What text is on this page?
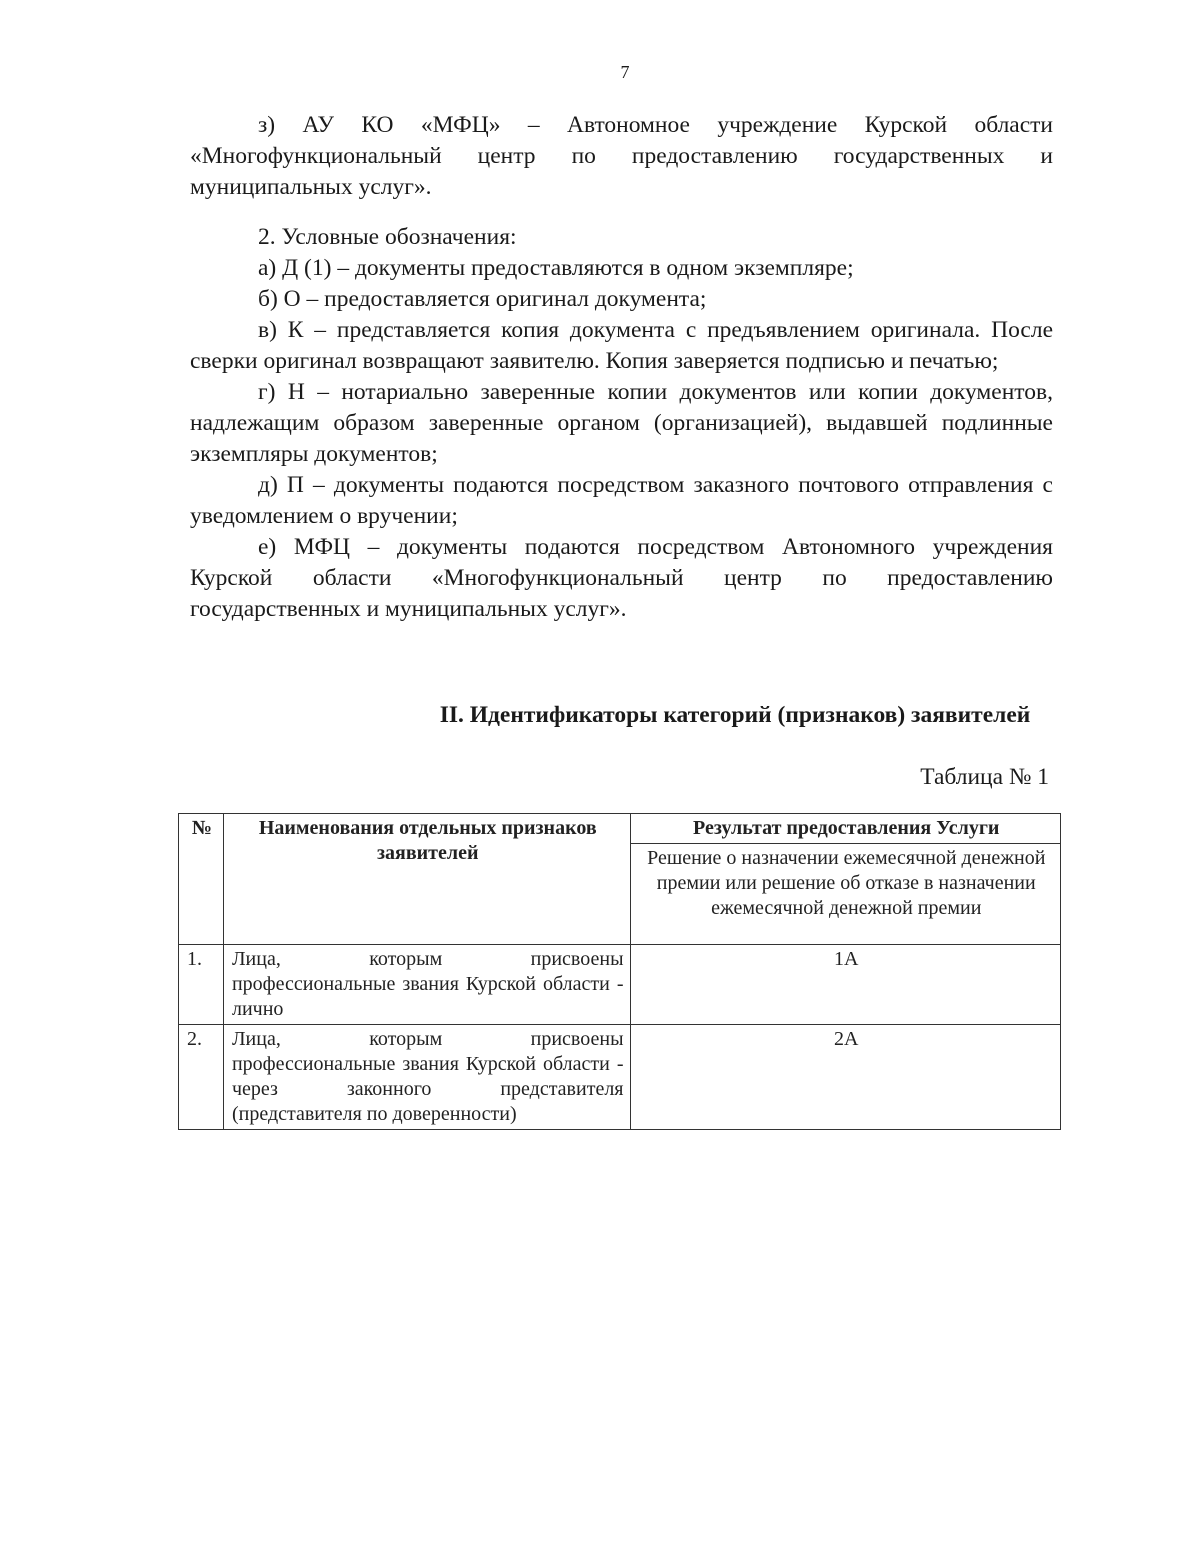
7

з) АУ КО «МФЦ» – Автономное учреждение Курской области «Многофункциональный центр по предоставлению государственных и муниципальных услуг».

2. Условные обозначения:

а) Д (1) – документы предоставляются в одном экземпляре;

б) О – предоставляется оригинал документа;

в) К – представляется копия документа с предъявлением оригинала. После сверки оригинал возвращают заявителю. Копия заверяется подписью и печатью;

г) Н – нотариально заверенные копии документов или копии документов, надлежащим образом заверенные органом (организацией), выдавшей подлинные экземпляры документов;

д) П – документы подаются посредством заказного почтового отправления с уведомлением о вручении;

е) МФЦ – документы подаются посредством Автономного учреждения Курской области «Многофункциональный центр по предоставлению государственных и муниципальных услуг».

II. Идентификаторы категорий (признаков) заявителей
Таблица № 1
№	Наименования отдельных признаков заявителей	Результат предоставления Услуги
		Решение о назначении ежемесячной денежной премии или решение об отказе в назначении ежемесячной денежной премии
1.	Лица, которым присвоены профессиональные звания Курской области - лично	1А
2.	Лица, которым присвоены профессиональные звания Курской области - через законного представителя (представителя по доверенности)	2А
